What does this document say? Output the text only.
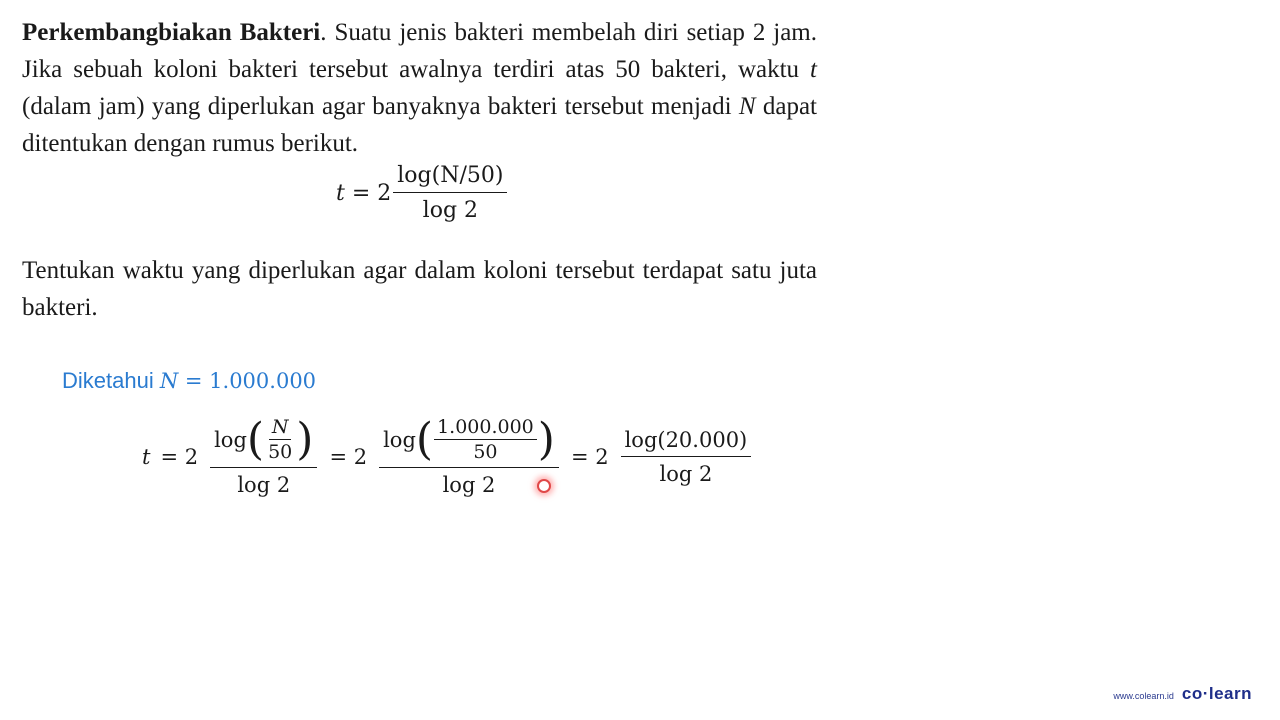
Perkembangbiakan Bakteri. Suatu jenis bakteri membelah diri setiap 2 jam. Jika sebuah koloni bakteri tersebut awalnya terdiri atas 50 bakteri, waktu t (dalam jam) yang diperlukan agar banyaknya bakteri tersebut menjadi N dapat ditentukan dengan rumus berikut.

Tentukan waktu yang diperlukan agar dalam koloni tersebut terdapat satu juta bakteri.

$t = 2 \frac{\log(N/50)}{\log 2}$
Diketahui N = 1.000.000
t = 2
log ( $\frac{N}{50}$ )
log 2
= 2
log ( $\frac{1.000.000}{50}$ )
log 2
= $2 \frac{\log(20.000)}{\log 2}$
www.colearn.id co·learn
